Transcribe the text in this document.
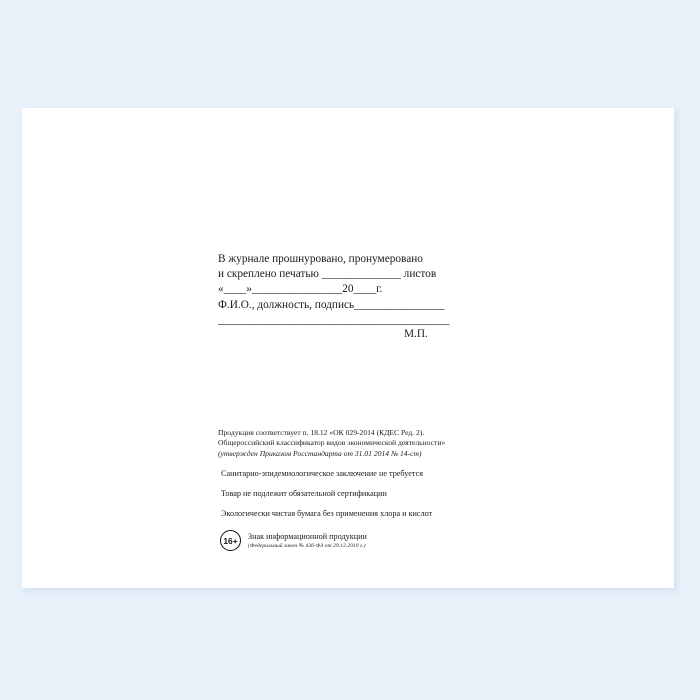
В журнале прошнуровано, пронумеровано
и скреплено печатью ______________ листов
«____»________________20____г.
Ф.И.О., должность, подпись________________
_________________________________________
М.П.
Продукция соответствует п. 18.12 «ОК 029-2014 (КДЕС Ред. 2).
Общероссийский классификатор видов экономической деятельности»
(утвержден Приказом Росстандарта от 31.01 2014 № 14-ст)
Санитарно-эпидемиологическое заключение не требуется
Товар не подлежит обязательной сертификации
Экологически чистая бумага без применения хлора и кислот
16+	Знак информационной продукции
(Федеральный закон № 436-ФЗ от 29.12.2010 г.)
